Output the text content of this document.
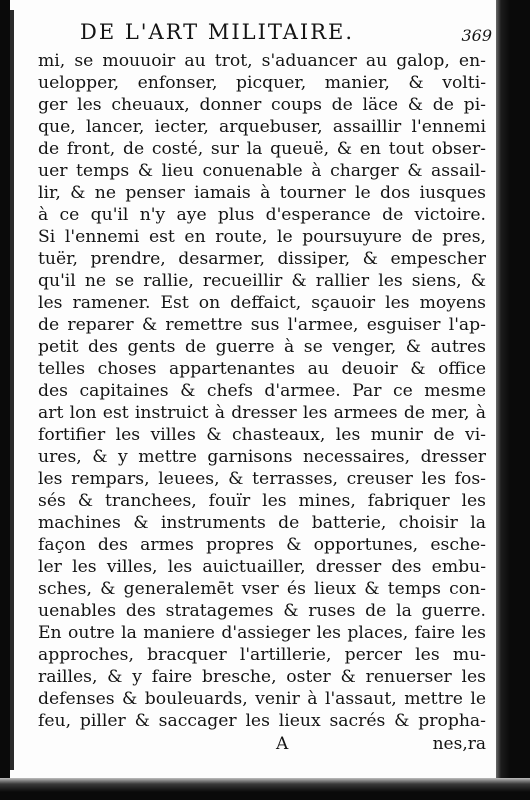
DE L'ART MILITAIRE.	369
mi, se mouuoir au trot, s'aduancer au galop, en-
uelopper, enfonser, picquer, manier, & volti-
ger les cheuaux, donner coups de läce & de pi-
que, lancer, iecter, arquebuser, assaillir l'ennemi
de front, de costé, sur la queuë, & en tout obser-
uer temps & lieu conuenable à charger & assail-
lir, & ne penser iamais à tourner le dos iusques
à ce qu'il n'y aye plus d'esperance de victoire.
Si l'ennemi est en route, le poursuyure de pres,
tuër, prendre, desarmer, dissiper, & empescher
qu'il ne se rallie, recueillir & rallier les siens, &
les ramener. Est on deffaict, sçauoir les moyens
de reparer & remettre sus l'armee, esguiser l'ap-
petit des gents de guerre à se venger, & autres
telles choses appartenantes au deuoir & office
des capitaines & chefs d'armee. Par ce mesme
art lon est instruict à dresser les armees de mer, à
fortifier les villes & chasteaux, les munir de vi-
ures, & y mettre garnisons necessaires, dresser
les rempars, leuees, & terrasses, creuser les fos-
sés & tranchees, fouïr les mines, fabriquer les
machines & instruments de batterie, choisir la
façon des armes propres & opportunes, esche-
ler les villes, les auictuailler, dresser des embu-
sches, & generalemēt vser és lieux & temps con-
uenables des stratagemes & ruses de la guerre.
En outre la maniere d'assieger les places, faire les
approches, bracquer l'artillerie, percer les mu-
railles, & y faire bresche, oster & renuerser les
defenses & bouleuards, venir à l'assaut, mettre le
feu, piller & saccager les lieux sacrés & propha-
A	nes,ra
